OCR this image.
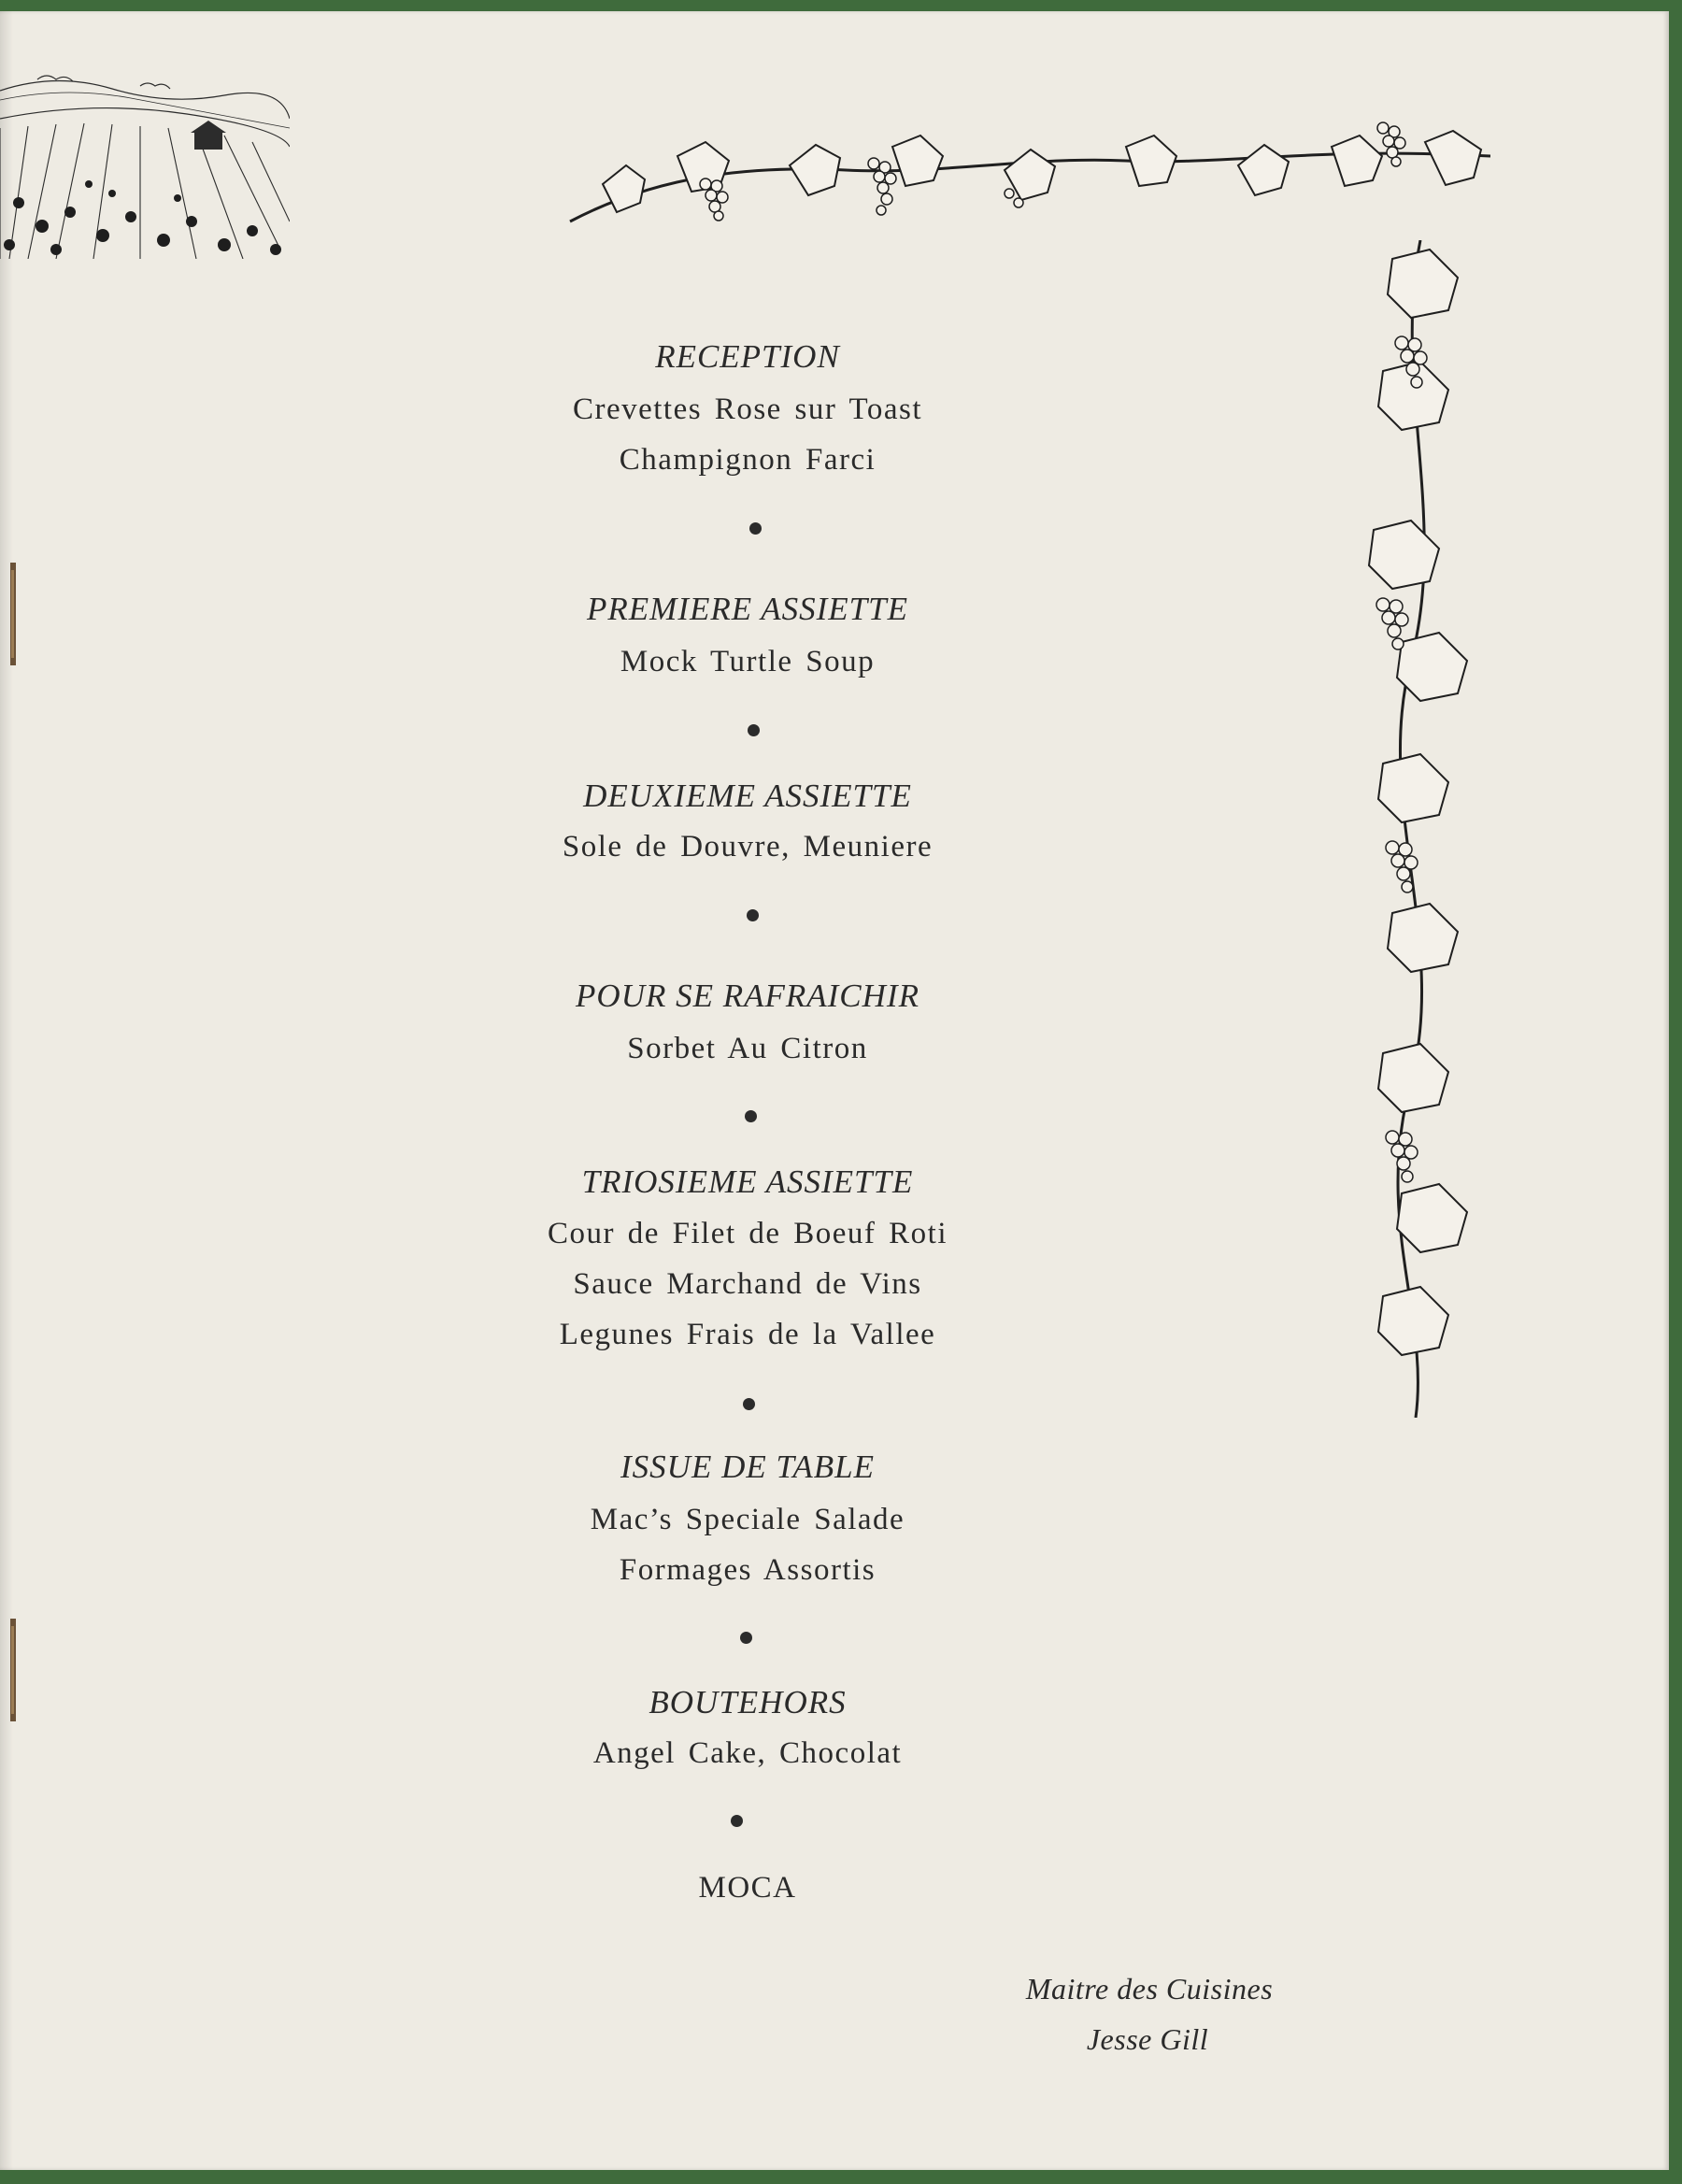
RECEPTION
Crevettes Rose sur Toast
Champignon Farci
PREMIERE ASSIETTE
Mock Turtle Soup
DEUXIEME ASSIETTE
Sole de Douvre, Meuniere
POUR SE RAFRAICHIR
Sorbet Au Citron
TRIOSIEME ASSIETTE
Cour de Filet de Boeuf Roti
Sauce Marchand de Vins
Legunes Frais de la Vallee
ISSUE DE TABLE
Mac’s Speciale Salade
Formages Assortis
BOUTEHORS
Angel Cake, Chocolat
MOCA
Maitre des Cuisines
Jesse Gill
